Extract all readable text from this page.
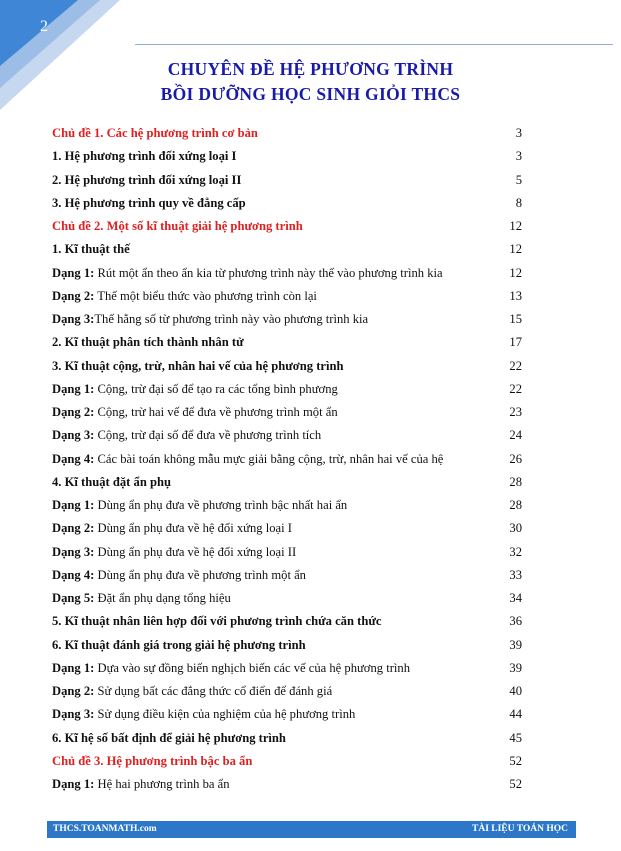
2
CHUYÊN ĐỀ HỆ PHƯƠNG TRÌNH
BỒI DƯỠNG HỌC SINH GIỎI THCS
Chủ đề 1. Các hệ phương trình cơ bản	3
1. Hệ phương trình đối xứng loại I	3
2. Hệ phương trình đối xứng loại II	5
3. Hệ phương trình quy về đẳng cấp	8
Chủ đề 2. Một số kĩ thuật giải hệ phương trình	12
1. Kĩ thuật thế	12
Dạng 1: Rút một ẩn theo ẩn kia từ phương trình này thế vào phương trình kia	12
Dạng 2: Thế một biểu thức vào phương trình còn lại	13
Dạng 3:Thế hằng số từ phương trình này vào phương trình kia	15
2. Kĩ thuật phân tích thành nhân tử	17
3. Kĩ thuật cộng, trừ, nhân hai vế của hệ phương trình	22
Dạng 1: Cộng, trừ đại số để tạo ra các tổng bình phương	22
Dạng 2: Cộng, trừ hai vế để đưa về phương trình một ẩn	23
Dạng 3: Cộng, trừ đại số để đưa về phương trình tích	24
Dạng 4: Các bài toán không mẫu mực giải bằng cộng, trừ, nhân hai vế của hệ	26
4. Kĩ thuật đặt ẩn phụ	28
Dạng 1: Dùng ẩn phụ đưa về phương trình bậc nhất hai ẩn	28
Dạng 2: Dùng ẩn phụ đưa về hệ đối xứng loại I	30
Dạng 3: Dùng ẩn phụ đưa về hệ đối xứng loại II	32
Dạng 4: Dùng ẩn phụ đưa về phương trình một ẩn	33
Dạng 5: Đặt ẩn phụ dạng tổng hiệu	34
5. Kĩ thuật nhân liên hợp đối với phương trình chứa căn thức	36
6. Kĩ thuật đánh giá trong giải hệ phương trình	39
Dạng 1: Dựa vào sự đồng biến nghịch biến các vế của hệ phương trình	39
Dạng 2: Sử dụng bất các đẳng thức cổ điển để đánh giá	40
Dạng 3: Sử dụng điều kiện của nghiệm của hệ phương trình	44
6. Kĩ hệ số bất định để giải hệ phương trình	45
Chủ đề 3. Hệ phương trình bậc ba ẩn	52
Dạng 1: Hệ hai phương trình ba ẩn	52
THCS.TOANMATH.com	TÀI LIỆU TOÁN HỌC
